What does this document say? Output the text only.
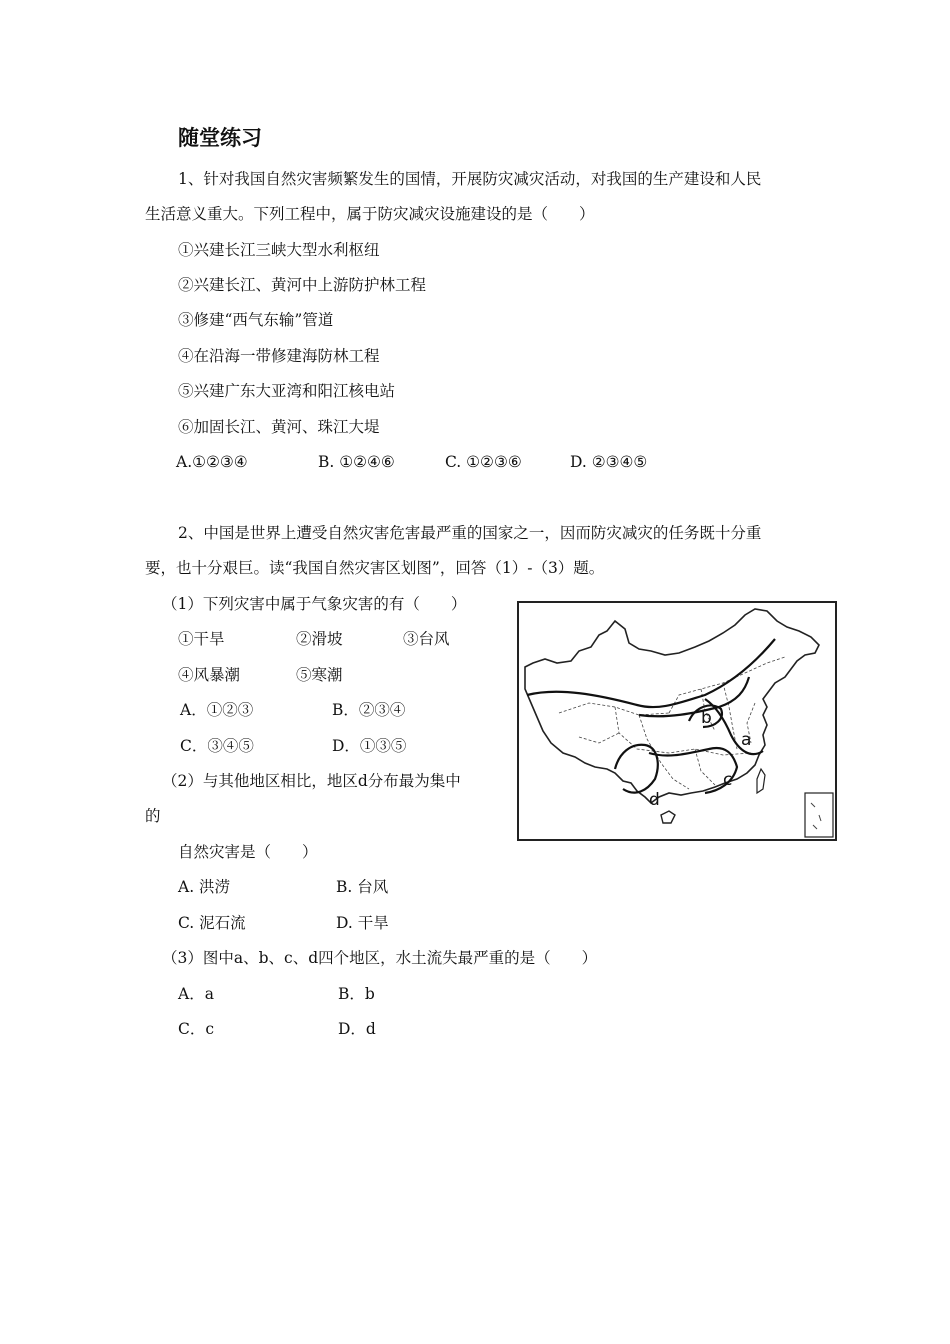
随堂练习
1、针对我国自然灾害频繁发生的国情，开展防灾减灾活动，对我国的生产建设和人民
生活意义重大。下列工程中，属于防灾减灾设施建设的是（　　）
①兴建长江三峡大型水利枢纽
②兴建长江、黄河中上游防护林工程
③修建“西气东输”管道
④在沿海一带修建海防林工程
⑤兴建广东大亚湾和阳江核电站
⑥加固长江、黄河、珠江大堤
A.①②③④	B. ①②④⑥	C. ①②③⑥	D. ②③④⑤
2、中国是世界上遭受自然灾害危害最严重的国家之一，因而防灾减灾的任务既十分重
要，也十分艰巨。读“我国自然灾害区划图”，回答（1）-（3）题。
（1）下列灾害中属于气象灾害的有（　　）
①干旱	②滑坡	③台风
④风暴潮	⑤寒潮
A．①②③	B．②③④
C．③④⑤	D．①③⑤
（2）与其他地区相比，地区d分布最为集中
的
自然灾害是（　　）
A. 洪涝	B. 台风
C. 泥石流	D. 干旱
（3）图中a、b、c、d四个地区，水土流失最严重的是（　　）
A．a	B．b
C．c	D．d
a
b
c
d
